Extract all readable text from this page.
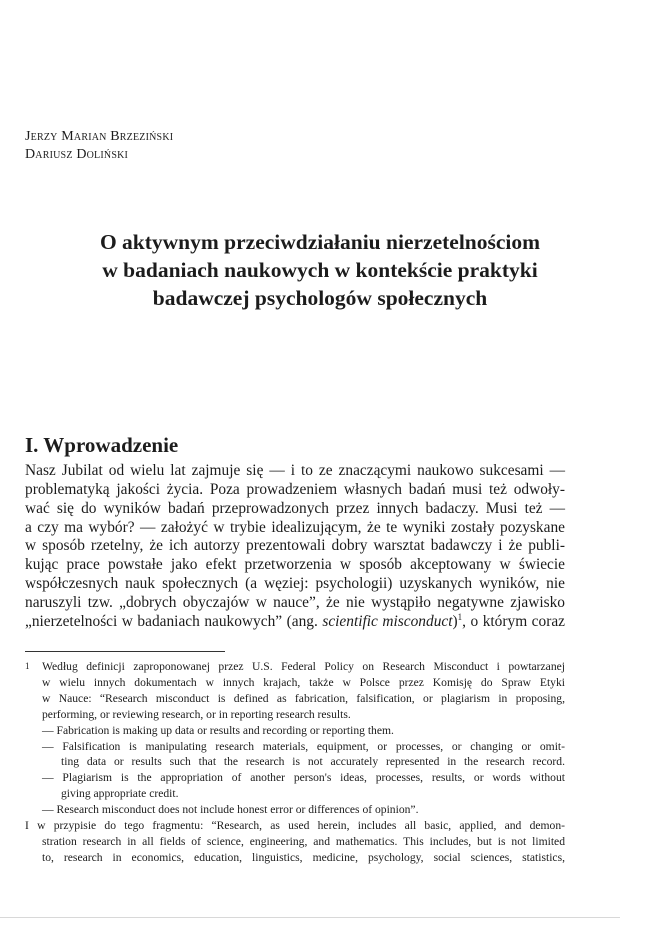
Jerzy Marian Brzeziński
Dariusz Doliński
O aktywnym przeciwdziałaniu nierzetelnościom
w badaniach naukowych w kontekście praktyki
badawczej psychologów społecznych
I. Wprowadzenie
Nasz Jubilat od wielu lat zajmuje się — i to ze znaczącymi naukowo sukcesami —
problematyką jakości życia. Poza prowadzeniem własnych badań musi też odwoły-
wać się do wyników badań przeprowadzonych przez innych badaczy. Musi też —
a czy ma wybór? — założyć w trybie idealizującym, że te wyniki zostały pozyskane
w sposób rzetelny, że ich autorzy prezentowali dobry warsztat badawczy i że publi-
kując prace powstałe jako efekt przetworzenia w sposób akceptowany w świecie
współczesnych nauk społecznych (a węziej: psychologii) uzyskanych wyników, nie
naruszyli tzw. „dobrych obyczajów w nauce”, że nie wystąpiło negatywne zjawisko
„nierzetelności w badaniach naukowych” (ang. scientific misconduct)$^1$, o którym coraz
1 Według definicji zaproponowanej przez U.S. Federal Policy on Research Misconduct i powtarzanej
w wielu innych dokumentach w innych krajach, także w Polsce przez Komisję do Spraw Etyki
w Nauce: “Research misconduct is defined as fabrication, falsification, or plagiarism in proposing,
performing, or reviewing research, or in reporting research results.
— Fabrication is making up data or results and recording or reporting them.
— Falsification is manipulating research materials, equipment, or processes, or changing or omit-
ting data or results such that the research is not accurately represented in the research record.
— Plagiarism is the appropriation of another person's ideas, processes, results, or words without
giving appropriate credit.
— Research misconduct does not include honest error or differences of opinion”.
I w przypisie do tego fragmentu: “Research, as used herein, includes all basic, applied, and demon-
stration research in all fields of science, engineering, and mathematics. This includes, but is not limited
to, research in economics, education, linguistics, medicine, psychology, social sciences, statistics,
